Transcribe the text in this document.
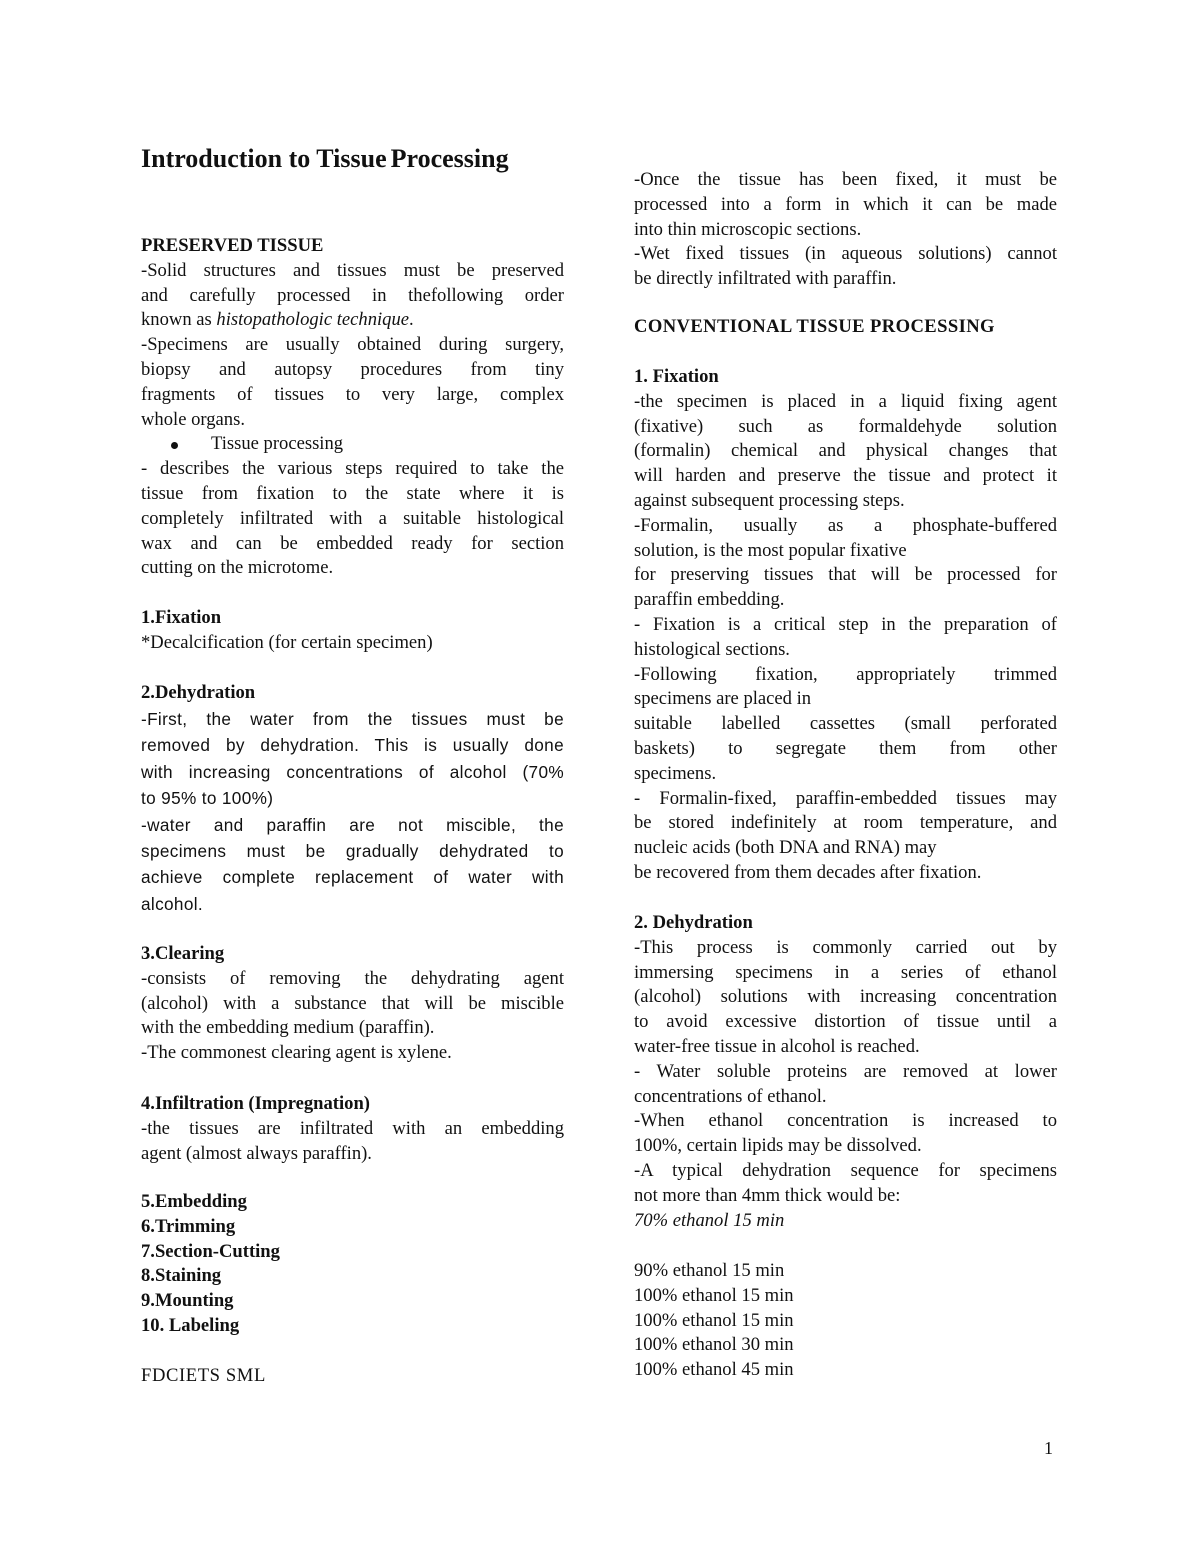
Introduction to Tissue Processing
PRESERVED TISSUE
-Solid structures and tissues must be preserved
and carefully processed in thefollowing order
known as histopathologic technique.
-Specimens are usually obtained during surgery,
biopsy and autopsy procedures from tiny
fragments of tissues to very large, complex
whole organs.
Tissue processing
- describes the various steps required to take the
tissue from fixation to the state where it is
completely infiltrated with a suitable histological
wax and can be embedded ready for section
cutting on the microtome.
1.Fixation
*Decalcification (for certain specimen)
2.Dehydration
-First, the water from the tissues must be
removed by dehydration. This is usually done
with increasing concentrations of alcohol (70%
to 95% to 100%)
-water and paraffin are not miscible, the
specimens must be gradually dehydrated to
achieve complete replacement of water with
alcohol.
3.Clearing
-consists of removing the dehydrating agent
(alcohol) with a substance that will be miscible
with the embedding medium (paraffin).
-The commonest clearing agent is xylene.
4.Infiltration (Impregnation)
-the tissues are infiltrated with an embedding
agent (almost always paraffin).
5.Embedding
6.Trimming
7.Section-Cutting
8.Staining
9.Mounting
10. Labeling
FDCIETS SML
-Once the tissue has been fixed, it must be
processed into a form in which it can be made
into thin microscopic sections.
-Wet fixed tissues (in aqueous solutions) cannot
be directly infiltrated with paraffin.
CONVENTIONAL TISSUE PROCESSING
1. Fixation
-the specimen is placed in a liquid fixing agent
(fixative) such as formaldehyde solution
(formalin) chemical and physical changes that
will harden and preserve the tissue and protect it
against subsequent processing steps.
-Formalin, usually as a phosphate-buffered
solution, is the most popular fixative
for preserving tissues that will be processed for
paraffin embedding.
- Fixation is a critical step in the preparation of
histological sections.
-Following fixation, appropriately trimmed
specimens are placed in
suitable labelled cassettes (small perforated
baskets) to segregate them from other
specimens.
- Formalin-fixed, paraffin-embedded tissues may
be stored indefinitely at room temperature, and
nucleic acids (both DNA and RNA) may
be recovered from them decades after fixation.
2. Dehydration
-This process is commonly carried out by
immersing specimens in a series of ethanol
(alcohol) solutions with increasing concentration
to avoid excessive distortion of tissue until a
water-free tissue in alcohol is reached.
- Water soluble proteins are removed at lower
concentrations of ethanol.
-When ethanol concentration is increased to
100%, certain lipids may be dissolved.
-A typical dehydration sequence for specimens
not more than 4mm thick would be:
70% ethanol 15 min
90% ethanol 15 min
100% ethanol 15 min
100% ethanol 15 min
100% ethanol 30 min
100% ethanol 45 min
1
